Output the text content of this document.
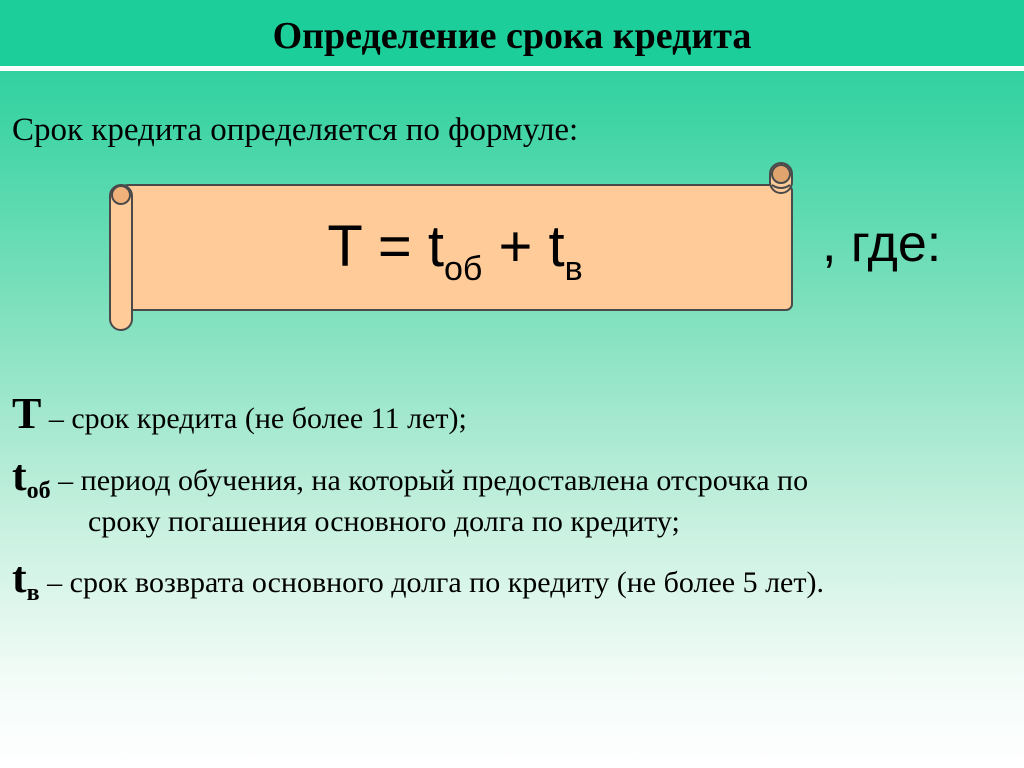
Определение срока кредита
Срок кредита определяется по формуле:
$T = t_{об} + t_в$	, где:
T – срок кредита (не более 11 лет);
$t_{об}$ – период обучения, на который предоставлена отсрочка по
сроку погашения основного долга по кредиту;
$t_в$ – срок возврата основного долга по кредиту (не более 5 лет).
